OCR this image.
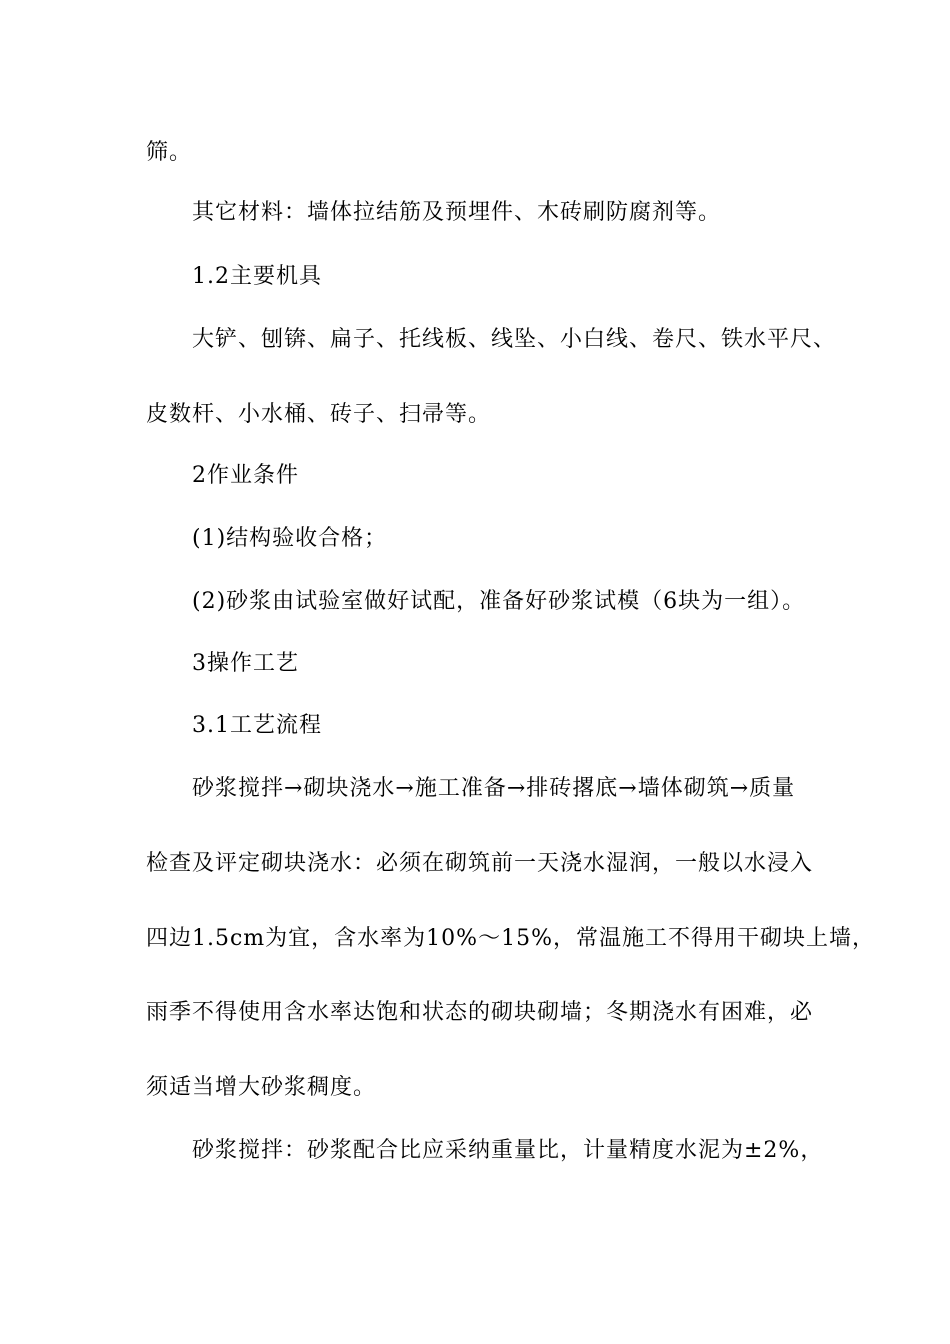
筛。
其它材料：墙体拉结筋及预埋件、木砖刷防腐剂等。
1.2主要机具
大铲、刨锛、扁子、托线板、线坠、小白线、卷尺、铁水平尺、
皮数杆、小水桶、砖子、扫帚等。
2作业条件
(1)结构验收合格；
(2)砂浆由试验室做好试配，准备好砂浆试模（6块为一组）。
3操作工艺
3.1工艺流程
砂浆搅拌→砌块浇水→施工准备→排砖撂底→墙体砌筑→质量
检查及评定砌块浇水：必须在砌筑前一天浇水湿润，一般以水浸入
四边1.5cm为宜，含水率为10%～15%，常温施工不得用干砌块上墙，
雨季不得使用含水率达饱和状态的砌块砌墙；冬期浇水有困难，必
须适当增大砂浆稠度。
砂浆搅拌：砂浆配合比应采纳重量比，计量精度水泥为±2%，
